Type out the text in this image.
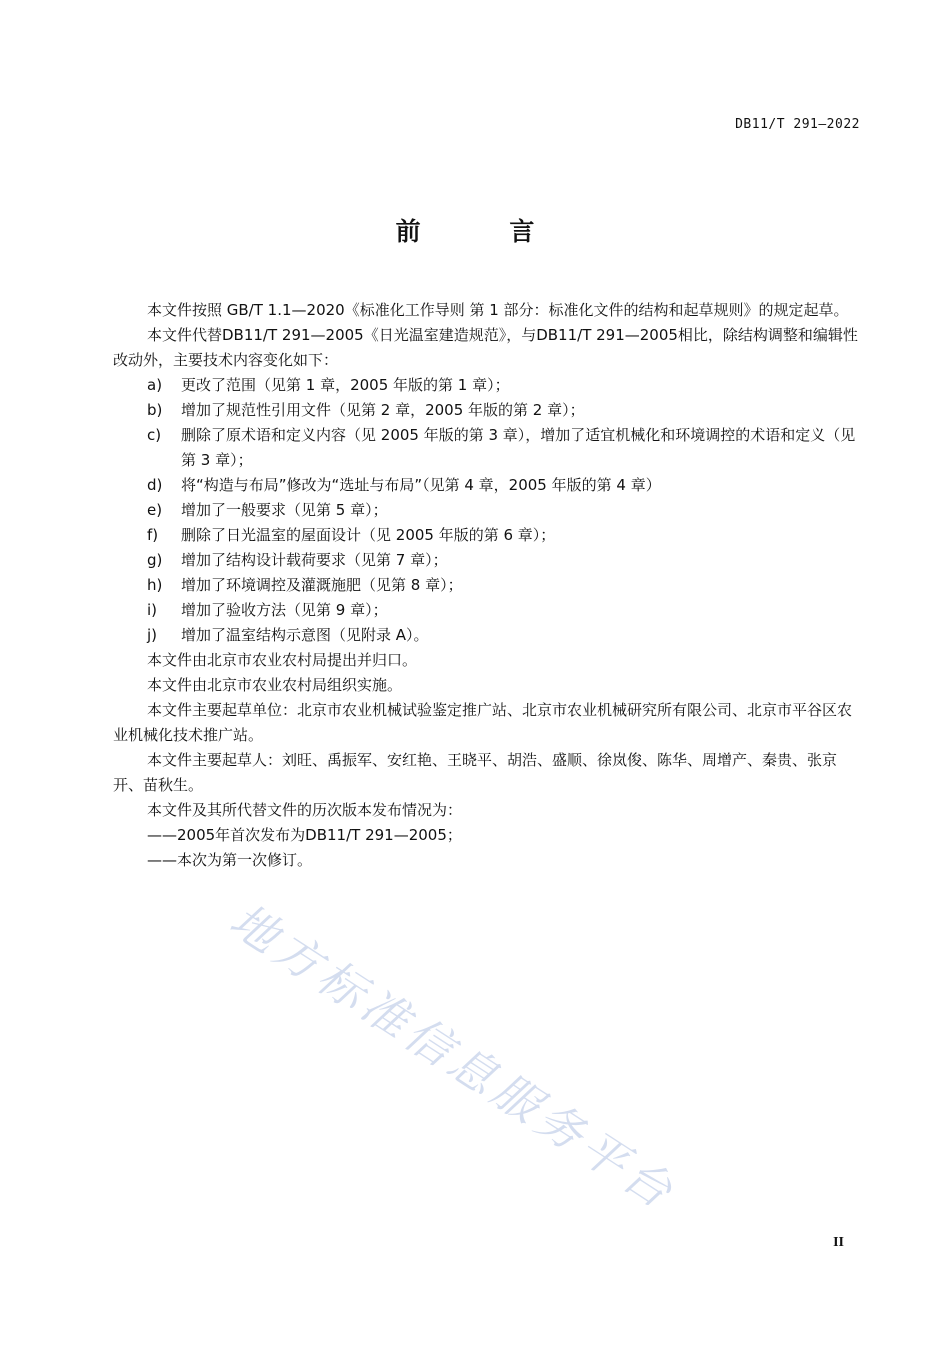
DB11/T 291—2022
前 言

本文件按照 GB/T 1.1—2020《标准化工作导则 第 1 部分：标准化文件的结构和起草规则》的规定起草。

本文件代替DB11/T 291—2005《日光温室建造规范》，与DB11/T 291—2005相比，除结构调整和编辑性改动外，主要技术内容变化如下：

a)	更改了范围（见第 1 章，2005 年版的第 1 章）；
b)	增加了规范性引用文件（见第 2 章，2005 年版的第 2 章）；
c)	删除了原术语和定义内容（见 2005 年版的第 3 章），增加了适宜机械化和环境调控的术语和定义（见第 3 章）；
d)	将“构造与布局”修改为“选址与布局”（见第 4 章，2005 年版的第 4 章）
e)	增加了一般要求（见第 5 章）；
f)	删除了日光温室的屋面设计（见 2005 年版的第 6 章）；
g)	增加了结构设计载荷要求（见第 7 章）；
h)	增加了环境调控及灌溉施肥（见第 8 章）；
i)	增加了验收方法（见第 9 章）；
j)	增加了温室结构示意图（见附录 A）。

本文件由北京市农业农村局提出并归口。

本文件由北京市农业农村局组织实施。

本文件主要起草单位：北京市农业机械试验鉴定推广站、北京市农业机械研究所有限公司、北京市平谷区农业机械化技术推广站。

本文件主要起草人：刘旺、禹振军、安红艳、王晓平、胡浩、盛顺、徐岚俊、陈华、周增产、秦贵、张京开、苗秋生。

本文件及其所代替文件的历次版本发布情况为：

——2005年首次发布为DB11/T 291—2005；

——本次为第一次修订。

地方标准信息服务平台
II
